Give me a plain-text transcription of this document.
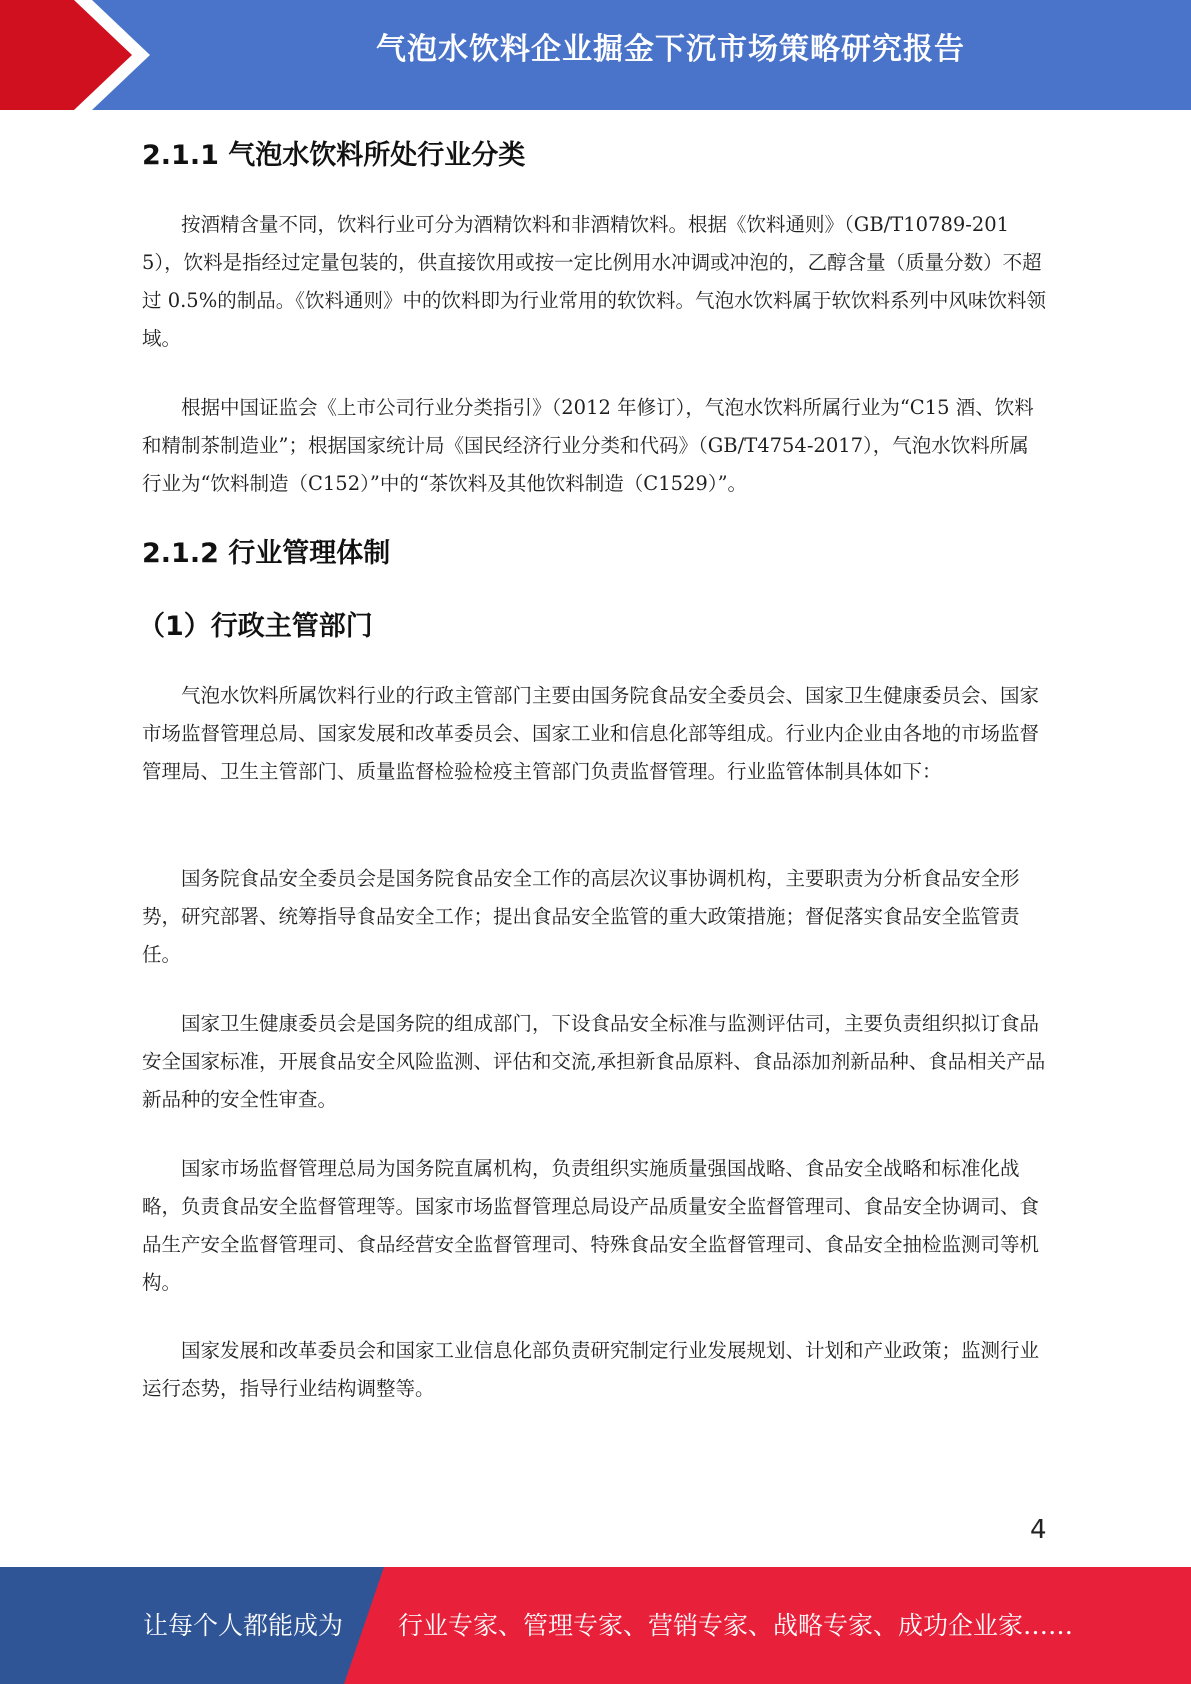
气泡水饮料企业掘金下沉市场策略研究报告
2.1.1 气泡水饮料所处行业分类

按酒精含量不同，饮料行业可分为酒精饮料和非酒精饮料。根据《饮料通则》（GB/T10789-2015），饮料是指经过定量包装的，供直接饮用或按一定比例用水冲调或冲泡的，乙醇含量（质量分数）不超过 0.5%的制品。《饮料通则》中的饮料即为行业常用的软饮料。气泡水饮料属于软饮料系列中风味饮料领域。

根据中国证监会《上市公司行业分类指引》（2012 年修订），气泡水饮料所属行业为“C15 酒、饮料和精制茶制造业”；根据国家统计局《国民经济行业分类和代码》（GB/T4754-2017），气泡水饮料所属行业为“饮料制造（C152）”中的“茶饮料及其他饮料制造（C1529）”。

2.1.2 行业管理体制
（1）行政主管部门

气泡水饮料所属饮料行业的行政主管部门主要由国务院食品安全委员会、国家卫生健康委员会、国家市场监督管理总局、国家发展和改革委员会、国家工业和信息化部等组成。行业内企业由各地的市场监督管理局、卫生主管部门、质量监督检验检疫主管部门负责监督管理。行业监管体制具体如下：

国务院食品安全委员会是国务院食品安全工作的高层次议事协调机构，主要职责为分析食品安全形势，研究部署、统筹指导食品安全工作；提出食品安全监管的重大政策措施；督促落实食品安全监管责任。

国家卫生健康委员会是国务院的组成部门，下设食品安全标准与监测评估司，主要负责组织拟订食品安全国家标准，开展食品安全风险监测、评估和交流,承担新食品原料、食品添加剂新品种、食品相关产品新品种的安全性审查。

国家市场监督管理总局为国务院直属机构，负责组织实施质量强国战略、食品安全战略和标准化战略，负责食品安全监督管理等。国家市场监督管理总局设产品质量安全监督管理司、食品安全协调司、食品生产安全监督管理司、食品经营安全监督管理司、特殊食品安全监督管理司、食品安全抽检监测司等机构。

国家发展和改革委员会和国家工业信息化部负责研究制定行业发展规划、计划和产业政策；监测行业运行态势，指导行业结构调整等。

4
让每个人都能成为 行业专家、管理专家、营销专家、战略专家、成功企业家……
